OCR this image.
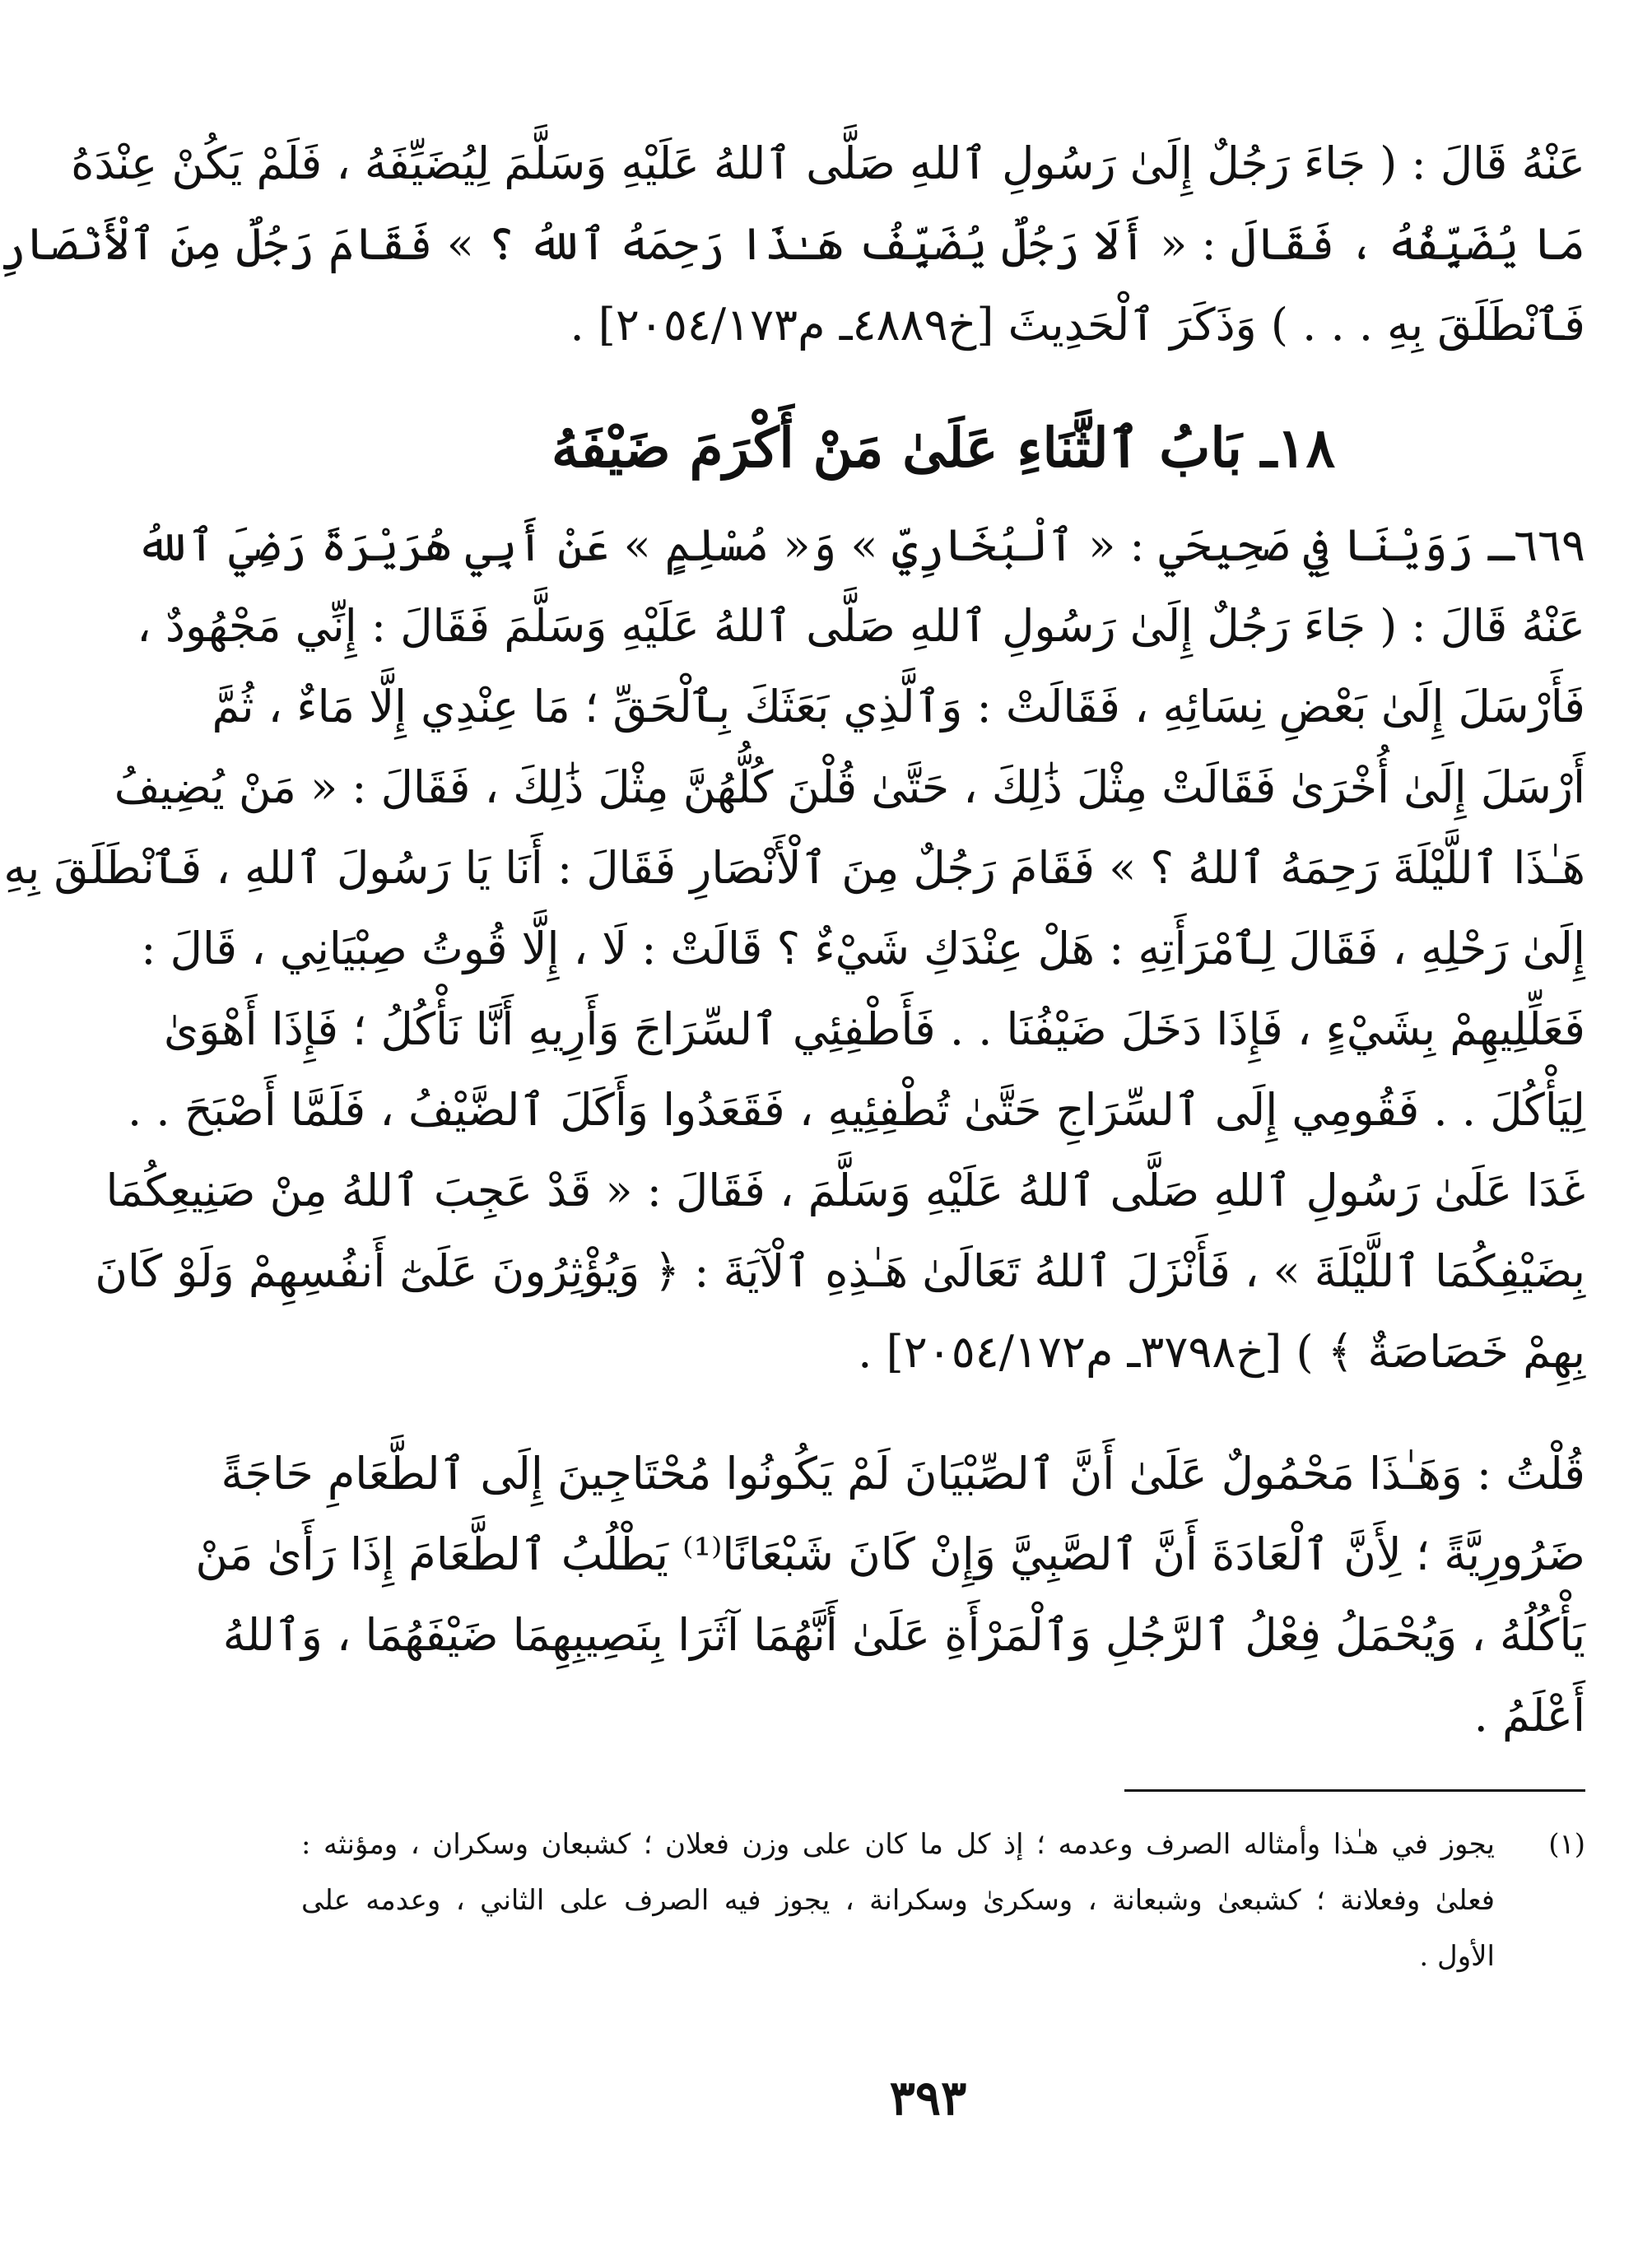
عَنْهُ قَالَ : ( جَاءَ رَجُلٌ إِلَىٰ رَسُولِ ٱللهِ صَلَّى ٱللهُ عَلَيْهِ وَسَلَّمَ لِيُضَيِّفَهُ ، فَلَمْ يَكُنْ عِنْدَهُ
مَا يُضَيِّفُهُ ، فَقَالَ : « أَلَا رَجُلٌ يُضَيِّفُ هَـٰذَا رَحِمَهُ ٱللهُ ؟ » فَقَامَ رَجُلٌ مِنَ ٱلْأَنْصَارِ
فَٱنْطَلَقَ بِهِ . . . ) وَذَكَرَ ٱلْحَدِيثَ [خ٤٨٨٩ـ م٢٠٥٤/١٧٣] .
١٨ـ بَابُ ٱلثَّنَاءِ عَلَىٰ مَنْ أَكْرَمَ ضَيْفَهُ
٦٦٩ـ رَوَيْنَا فِي صَحِيحَي : « ٱلْبُخَارِيِّ » وَ« مُسْلِمٍ » عَنْ أَبِي هُرَيْرَةَ رَضِيَ ٱللهُ
عَنْهُ قَالَ : ( جَاءَ رَجُلٌ إِلَىٰ رَسُولِ ٱللهِ صَلَّى ٱللهُ عَلَيْهِ وَسَلَّمَ فَقَالَ : إِنِّي مَجْهُودٌ ،
فَأَرْسَلَ إِلَىٰ بَعْضِ نِسَائِهِ ، فَقَالَتْ : وَٱلَّذِي بَعَثَكَ بِٱلْحَقِّ ؛ مَا عِنْدِي إِلَّا مَاءٌ ، ثُمَّ
أَرْسَلَ إِلَىٰ أُخْرَىٰ فَقَالَتْ مِثْلَ ذَٰلِكَ ، حَتَّىٰ قُلْنَ كُلُّهُنَّ مِثْلَ ذَٰلِكَ ، فَقَالَ : « مَنْ يُضِيفُ
هَـٰذَا ٱللَّيْلَةَ رَحِمَهُ ٱللهُ ؟ » فَقَامَ رَجُلٌ مِنَ ٱلْأَنْصَارِ فَقَالَ : أَنَا يَا رَسُولَ ٱللهِ ، فَٱنْطَلَقَ بِهِ
إِلَىٰ رَحْلِهِ ، فَقَالَ لِٱمْرَأَتِهِ : هَلْ عِنْدَكِ شَيْءٌ ؟ قَالَتْ : لَا ، إِلَّا قُوتُ صِبْيَانِي ، قَالَ :
فَعَلِّلِيهِمْ بِشَيْءٍ ، فَإِذَا دَخَلَ ضَيْفُنَا . . فَأَطْفِئِي ٱلسِّرَاجَ وَأَرِيهِ أَنَّا نَأْكُلُ ؛ فَإِذَا أَهْوَىٰ
لِيَأْكُلَ . . فَقُومِي إِلَى ٱلسِّرَاجِ حَتَّىٰ تُطْفِئِيهِ ، فَقَعَدُوا وَأَكَلَ ٱلضَّيْفُ ، فَلَمَّا أَصْبَحَ . .
غَدَا عَلَىٰ رَسُولِ ٱللهِ صَلَّى ٱللهُ عَلَيْهِ وَسَلَّمَ ، فَقَالَ : « قَدْ عَجِبَ ٱللهُ مِنْ صَنِيعِكُمَا
بِضَيْفِكُمَا ٱللَّيْلَةَ » ، فَأَنْزَلَ ٱللهُ تَعَالَىٰ هَـٰذِهِ ٱلْآيَةَ : ﴿ وَيُؤْثِرُونَ عَلَىٰٓ أَنفُسِهِمْ وَلَوْ كَانَ
بِهِمْ خَصَاصَةٌ ﴾ ) [خ٣٧٩٨ـ م٢٠٥٤/١٧٢] .
قُلْتُ : وَهَـٰذَا مَحْمُولٌ عَلَىٰ أَنَّ ٱلصِّبْيَانَ لَمْ يَكُونُوا مُحْتَاجِينَ إِلَى ٱلطَّعَامِ حَاجَةً
ضَرُورِيَّةً ؛ لِأَنَّ ٱلْعَادَةَ أَنَّ ٱلصَّبِيَّ وَإِنْ كَانَ شَبْعَانًا⁽¹⁾ يَطْلُبُ ٱلطَّعَامَ إِذَا رَأَىٰ مَنْ
يَأْكُلُهُ ، وَيُحْمَلُ فِعْلُ ٱلرَّجُلِ وَٱلْمَرْأَةِ عَلَىٰ أَنَّهُمَا آثَرَا بِنَصِيبِهِمَا ضَيْفَهُمَا ، وَٱللهُ
أَعْلَمُ .
(١)يجوز في هـٰذا وأمثاله الصرف وعدمه ؛ إذ كل ما كان على وزن فعلان ؛ كشبعان وسكران ، ومؤنثه :
فعلىٰ وفعلانة ؛ كشبعىٰ وشبعانة ، وسكرىٰ وسكرانة ، يجوز فيه الصرف على الثاني ، وعدمه على
الأول .
٣٩٣
